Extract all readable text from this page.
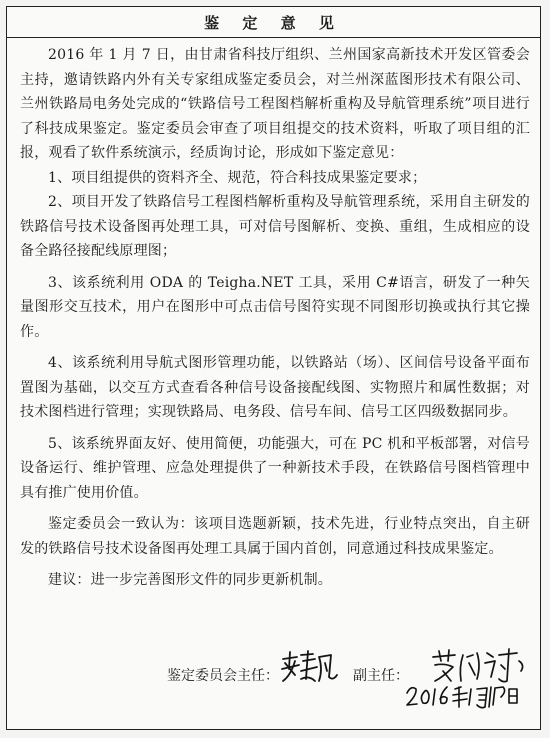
鉴 定 意 见

2016 年 1 月 7 日，由甘肃省科技厅组织、兰州国家高新技术开发区管委会主持，邀请铁路内外有关专家组成鉴定委员会，对兰州深蓝图形技术有限公司、兰州铁路局电务处完成的“铁路信号工程图档解析重构及导航管理系统”项目进行了科技成果鉴定。鉴定委员会审查了项目组提交的技术资料，听取了项目组的汇报，观看了软件系统演示，经质询讨论，形成如下鉴定意见：

1、项目组提供的资料齐全、规范，符合科技成果鉴定要求；

2、项目开发了铁路信号工程图档解析重构及导航管理系统，采用自主研发的铁路信号技术设备图再处理工具，可对信号图解析、变换、重组，生成相应的设备全路径接配线原理图；

3、该系统利用 ODA 的 Teigha.NET 工具，采用 C#语言，研发了一种矢量图形交互技术，用户在图形中可点击信号图符实现不同图形切换或执行其它操作。

4、该系统利用导航式图形管理功能，以铁路站（场）、区间信号设备平面布置图为基础，以交互方式查看各种信号设备接配线图、实物照片和属性数据；对技术图档进行管理；实现铁路局、电务段、信号车间、信号工区四级数据同步。

5、该系统界面友好、使用简便，功能强大，可在 PC 机和平板部署，对信号设备运行、维护管理、应急处理提供了一种新技术手段，在铁路信号图档管理中具有推广使用价值。

鉴定委员会一致认为：该项目选题新颖，技术先进，行业特点突出，自主研发的铁路信号技术设备图再处理工具属于国内首创，同意通过科技成果鉴定。

建议：进一步完善图形文件的同步更新机制。

鉴定委员会主任：	副主任：
